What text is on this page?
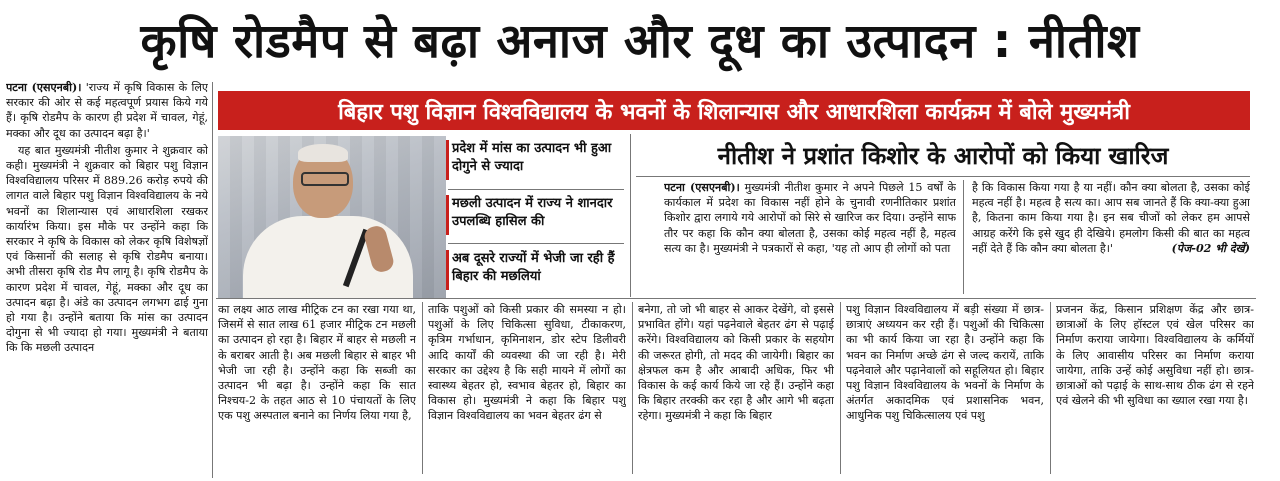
कृषि रोडमैप से बढ़ा अनाज और दूध का उत्पादन : नीतीश

पटना (एसएनबी)। 'राज्य में कृषि विकास के लिए सरकार की ओर से कई महत्वपूर्ण प्रयास किये गये हैं। कृषि रोडमैप के कारण ही प्रदेश में चावल, गेहूं, मक्का और दूध का उत्पादन बढ़ा है।'

यह बात मुख्यमंत्री नीतीश कुमार ने शुक्रवार को कही। मुख्यमंत्री ने शुक्रवार को बिहार पशु विज्ञान विश्वविद्यालय परिसर में 889.26 करोड़ रुपये की लागत वाले बिहार पशु विज्ञान विश्वविद्यालय के नये भवनों का शिलान्यास एवं आधारशिला रखकर कार्यारंभ किया। इस मौके पर उन्होंने कहा कि सरकार ने कृषि के विकास को लेकर कृषि विशेषज्ञों एवं किसानों की सलाह से कृषि रोडमैप बनाया। अभी तीसरा कृषि रोड मैप लागू है। कृषि रोडमैप के कारण प्रदेश में चावल, गेहूं, मक्का और दूध का उत्पादन बढ़ा है। अंडे का उत्पादन लगभग ढाई गुना हो गया है। उन्होंने बताया कि मांस का उत्पादन दोगुना से भी ज्यादा हो गया। मुख्यमंत्री ने बताया कि कि मछली उत्पादन

बिहार पशु विज्ञान विश्वविद्यालय के भवनों के शिलान्यास और आधारशिला कार्यक्रम में बोले मुख्यमंत्री
प्रदेश में मांस का उत्पादन भी हुआ दोगुने से ज्यादा
मछली उत्पादन में राज्य ने शानदार उपलब्धि हासिल की
अब दूसरे राज्यों में भेजी जा रही हैं बिहार की मछलियां
नीतीश ने प्रशांत किशोर के आरोपों को किया खारिज

पटना (एसएनबी)। मुख्यमंत्री नीतीश कुमार ने अपने पिछले 15 वर्षों के कार्यकाल में प्रदेश का विकास नहीं होने के चुनावी रणनीतिकार प्रशांत किशोर द्वारा लगाये गये आरोपों को सिरे से खारिज कर दिया। उन्होंने साफ तौर पर कहा कि कौन क्या बोलता है, उसका कोई महत्व नहीं है, महत्व सत्य का है। मुख्यमंत्री ने पत्रकारों से कहा, 'यह तो आप ही लोगों को पता

है कि विकास किया गया है या नहीं। कौन क्या बोलता है, उसका कोई महत्व नहीं है। महत्व है सत्य का। आप सब जानते हैं कि क्या-क्या हुआ है, कितना काम किया गया है। इन सब चीजों को लेकर हम आपसे आग्रह करेंगे कि इसे खुद ही देखिये। हमलोग किसी की बात का महत्व नहीं देते हैं कि कौन क्या बोलता है।'	(पेज-02 भी देखें)

का लक्ष्य आठ लाख मीट्रिक टन का रखा गया था, जिसमें से सात लाख 61 हजार मीट्रिक टन मछली का उत्पादन हो रहा है। बिहार में बाहर से मछली न के बराबर आती है। अब मछली बिहार से बाहर भी भेजी जा रही है। उन्होंने कहा कि सब्जी का उत्पादन भी बढ़ा है। उन्होंने कहा कि सात निश्चय-2 के तहत आठ से 10 पंचायतों के लिए एक पशु अस्पताल बनाने का निर्णय लिया गया है,

ताकि पशुओं को किसी प्रकार की समस्या न हो। पशुओं के लिए चिकित्सा सुविधा, टीकाकरण, कृत्रिम गर्भाधान, कृमिनाशन, डोर स्टेप डिलीवरी आदि कार्यों की व्यवस्था की जा रही है। मेरी सरकार का उद्देश्य है कि सही मायने में लोगों का स्वास्थ्य बेहतर हो, स्वभाव बेहतर हो, बिहार का विकास हो। मुख्यमंत्री ने कहा कि बिहार पशु विज्ञान विश्वविद्यालय का भवन बेहतर ढंग से

बनेगा, तो जो भी बाहर से आकर देखेंगे, वो इससे प्रभावित होंगे। यहां पढ़नेवाले बेहतर ढंग से पढ़ाई करेंगे। विश्वविद्यालय को किसी प्रकार के सहयोग की जरूरत होगी, तो मदद की जायेगी। बिहार का क्षेत्रफल कम है और आबादी अधिक, फिर भी विकास के कई कार्य किये जा रहे हैं। उन्होंने कहा कि बिहार तरक्की कर रहा है और आगे भी बढ़ता रहेगा। मुख्यमंत्री ने कहा कि बिहार

पशु विज्ञान विश्वविद्यालय में बड़ी संख्या में छात्र-छात्राएं अध्ययन कर रही हैं। पशुओं की चिकित्सा का भी कार्य किया जा रहा है। उन्होंने कहा कि भवन का निर्माण अच्छे ढंग से जल्द करायें, ताकि पढ़नेवाले और पढ़ानेवालों को सहूलियत हो। बिहार पशु विज्ञान विश्वविद्यालय के भवनों के निर्माण के अंतर्गत अकादमिक एवं प्रशासनिक भवन, आधुनिक पशु चिकित्सालय एवं पशु

प्रजनन केंद्र, किसान प्रशिक्षण केंद्र और छात्र-छात्राओं के लिए हॉस्टल एवं खेल परिसर का निर्माण कराया जायेगा। विश्वविद्यालय के कर्मियों के लिए आवासीय परिसर का निर्माण कराया जायेगा, ताकि उन्हें कोई असुविधा नहीं हो। छात्र-छात्राओं को पढ़ाई के साथ-साथ ठीक ढंग से रहने एवं खेलने की भी सुविधा का ख्याल रखा गया है।
